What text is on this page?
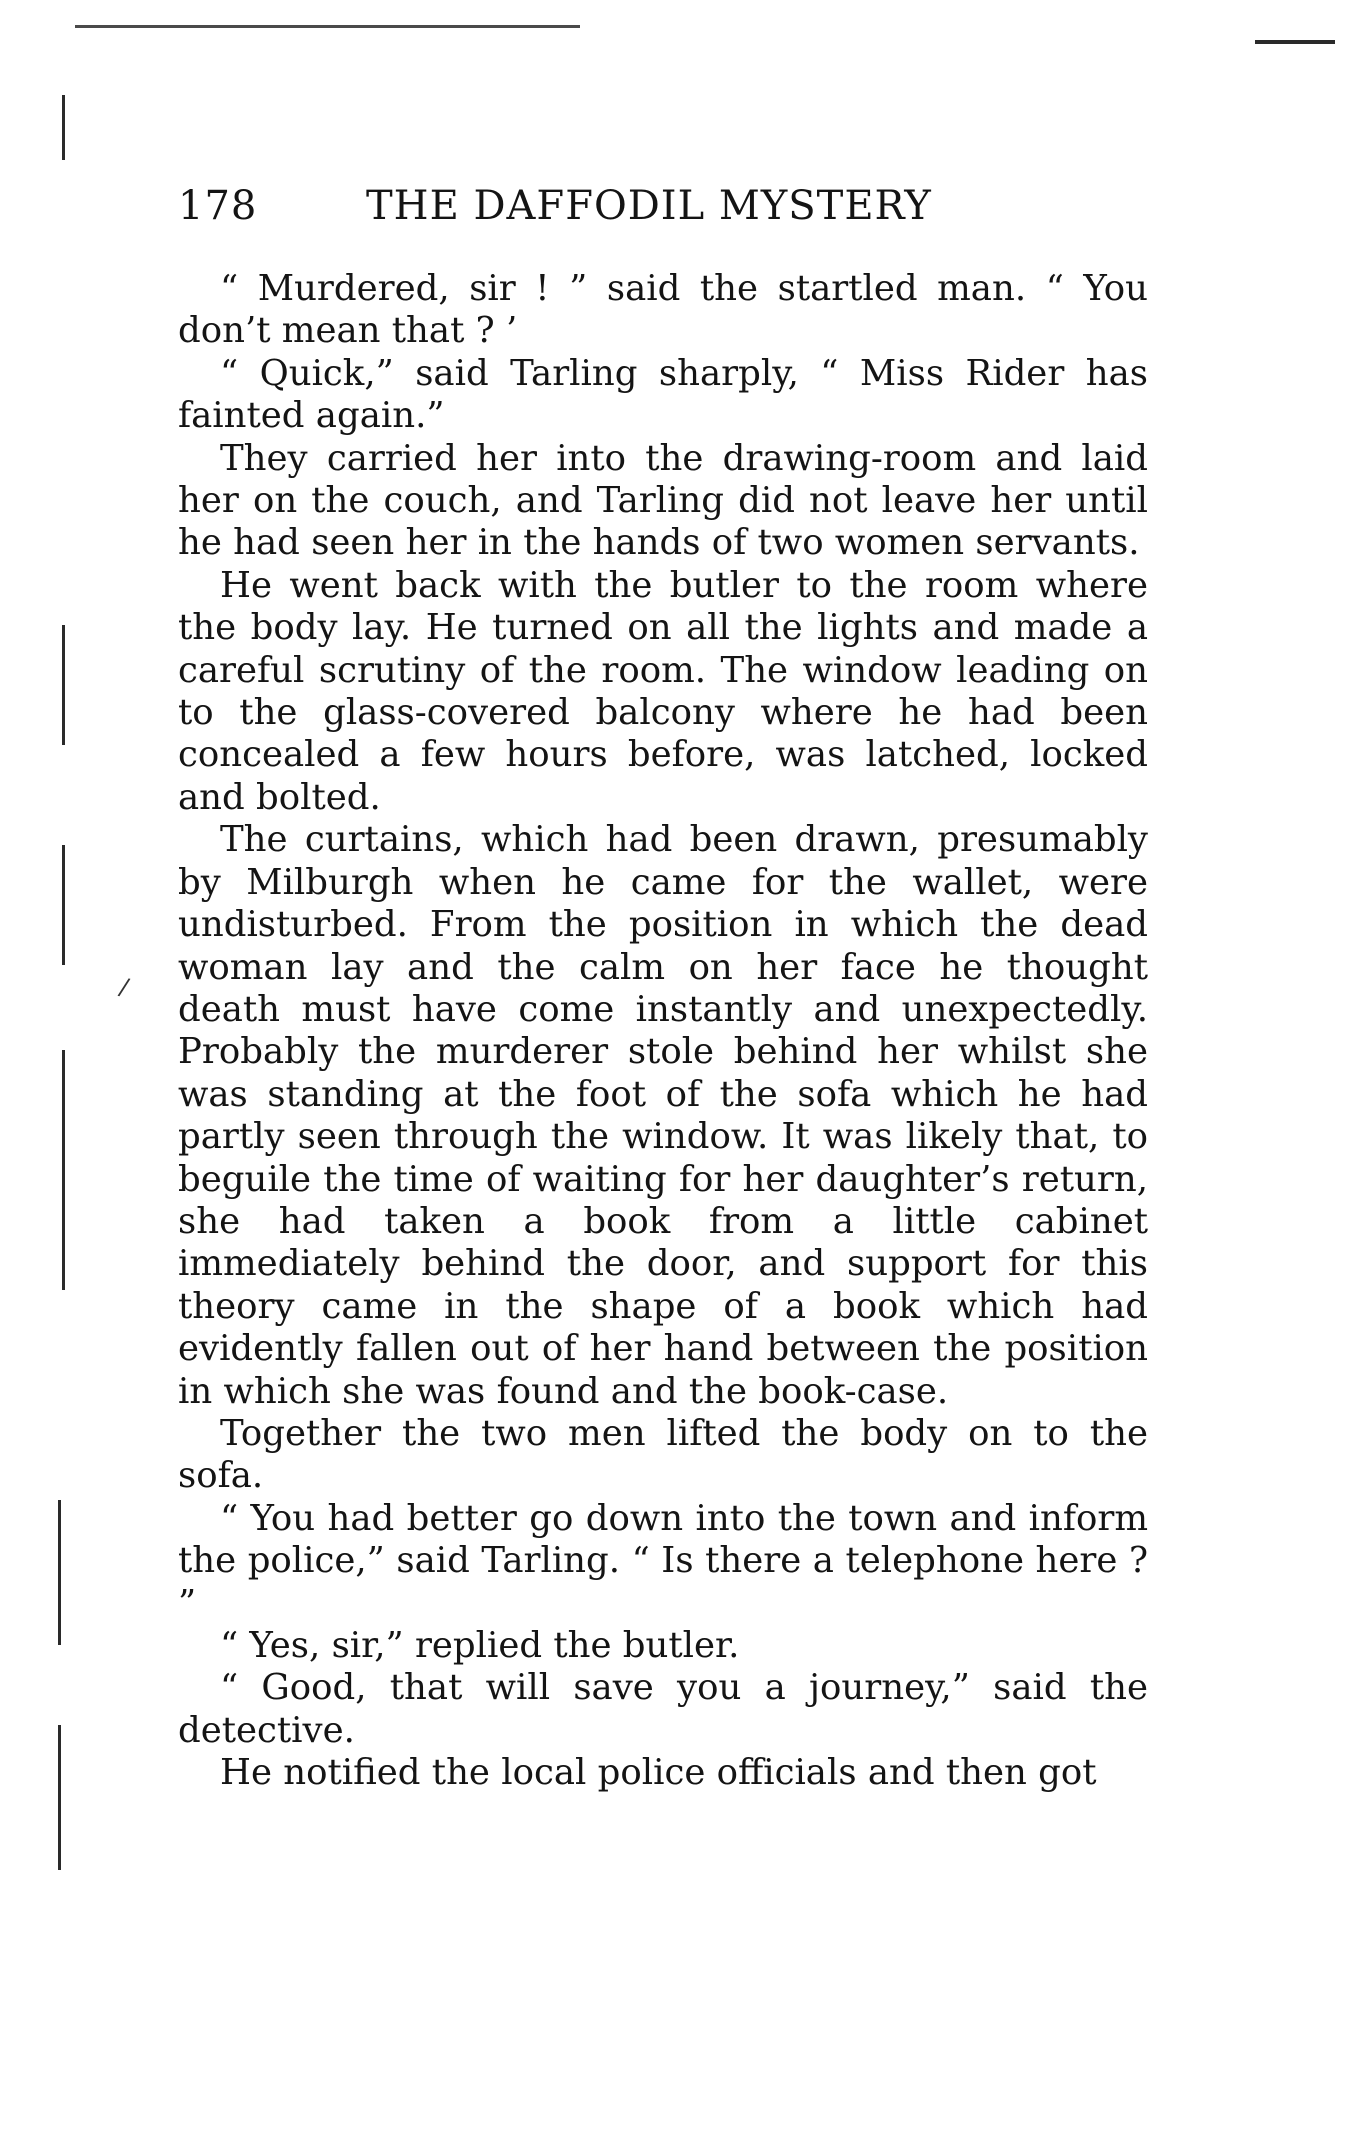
/
178	THE DAFFODIL MYSTERY

“ Murdered, sir ! ” said the startled man. “ You don’t mean that ? ’

“ Quick,” said Tarling sharply, “ Miss Rider has fainted again.”

They carried her into the drawing-room and laid her on the couch, and Tarling did not leave her until he had seen her in the hands of two women servants.

He went back with the butler to the room where the body lay. He turned on all the lights and made a careful scrutiny of the room. The window leading on to the glass-covered balcony where he had been concealed a few hours before, was latched, locked and bolted.

The curtains, which had been drawn, presumably by Milburgh when he came for the wallet, were undisturbed. From the position in which the dead woman lay and the calm on her face he thought death must have come instantly and unexpectedly. Probably the murderer stole behind her whilst she was standing at the foot of the sofa which he had partly seen through the window. It was likely that, to beguile the time of waiting for her daughter’s return, she had taken a book from a little cabinet immediately behind the door, and support for this theory came in the shape of a book which had evidently fallen out of her hand between the position in which she was found and the book-case.

Together the two men lifted the body on to the sofa.

“ You had better go down into the town and inform the police,” said Tarling. “ Is there a telephone here ? ”

“ Yes, sir,” replied the butler.

“ Good, that will save you a journey,” said the detective.

He notified the local police officials and then got
